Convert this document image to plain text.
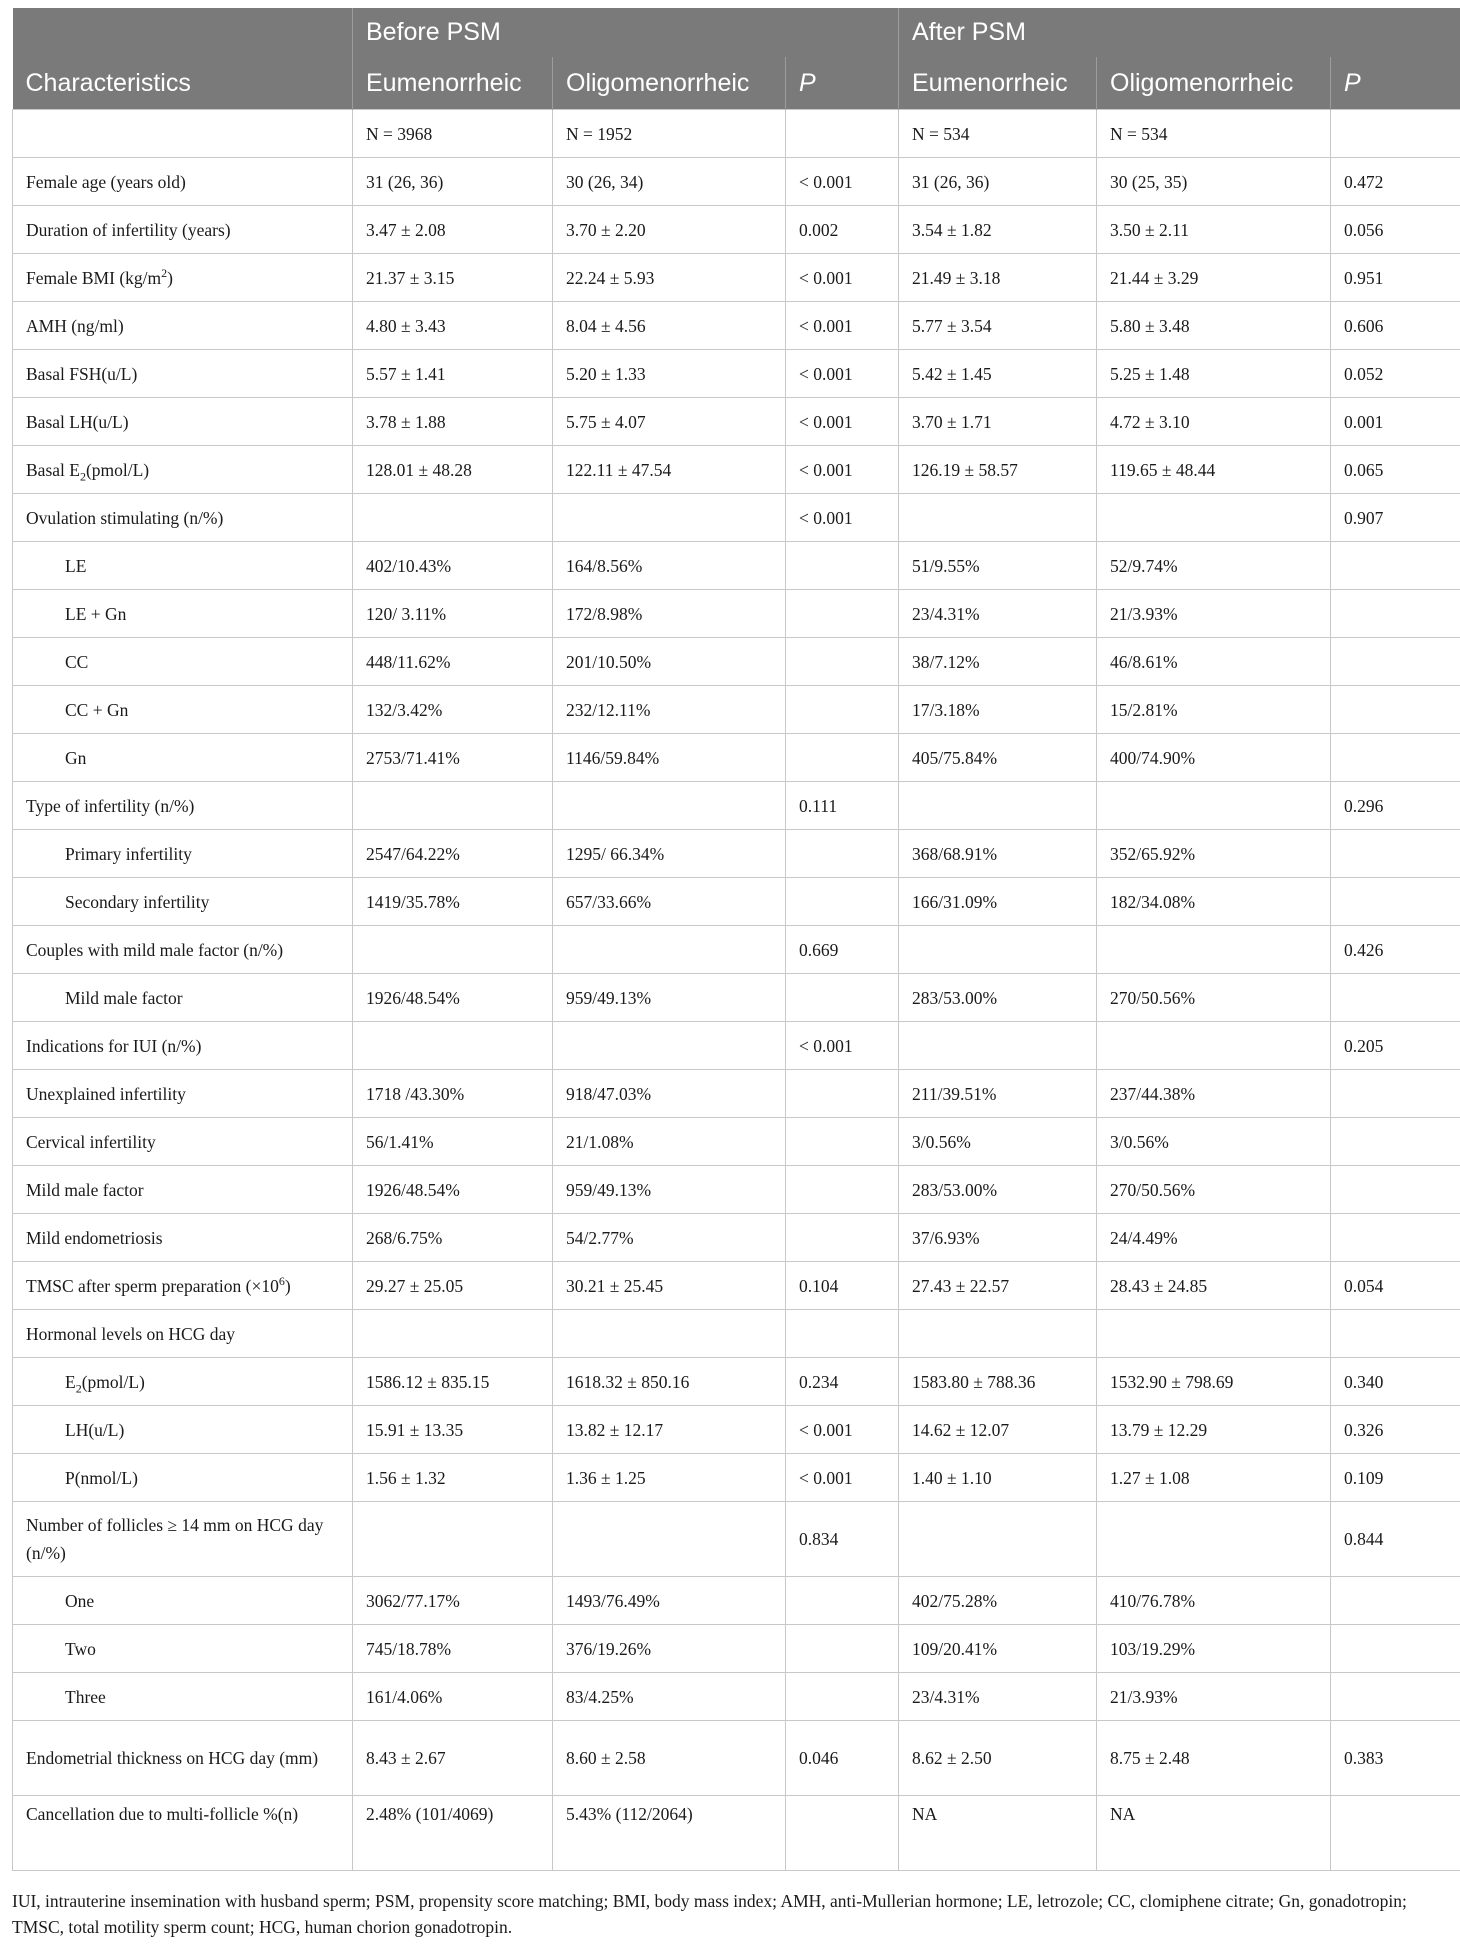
	Before PSM			After PSM		
Characteristics	Eumenorrheic	Oligomenorrheic	P	Eumenorrheic	Oligomenorrheic	P
	N = 3968	N = 1952		N = 534	N = 534	
Female age (years old)	31 (26, 36)	30 (26, 34)	< 0.001	31 (26, 36)	30 (25, 35)	0.472
Duration of infertility (years)	3.47 ± 2.08	3.70 ± 2.20	0.002	3.54 ± 1.82	3.50 ± 2.11	0.056
Female BMI $(kg/m^2)$	21.37 ± 3.15	22.24 ± 5.93	< 0.001	21.49 ± 3.18	21.44 ± 3.29	0.951
AMH (ng/ml)	4.80 ± 3.43	8.04 ± 4.56	< 0.001	5.77 ± 3.54	5.80 ± 3.48	0.606
Basal FSH(u/L)	5.57 ± 1.41	5.20 ± 1.33	< 0.001	5.42 ± 1.45	5.25 ± 1.48	0.052
Basal LH(u/L)	3.78 ± 1.88	5.75 ± 4.07	< 0.001	3.70 ± 1.71	4.72 ± 3.10	0.001
Basal $E_2(pmol/L)$	128.01 ± 48.28	122.11 ± 47.54	< 0.001	126.19 ± 58.57	119.65 ± 48.44	0.065
Ovulation stimulating (n/%)			< 0.001			0.907
LE	402/10.43%	164/8.56%		51/9.55%	52/9.74%	
LE + Gn	120/ 3.11%	172/8.98%		23/4.31%	21/3.93%	
CC	448/11.62%	201/10.50%		38/7.12%	46/8.61%	
CC + Gn	132/3.42%	232/12.11%		17/3.18%	15/2.81%	
Gn	2753/71.41%	1146/59.84%		405/75.84%	400/74.90%	
Type of infertility (n/%)			0.111			0.296
Primary infertility	2547/64.22%	1295/ 66.34%		368/68.91%	352/65.92%	
Secondary infertility	1419/35.78%	657/33.66%		166/31.09%	182/34.08%	
Couples with mild male factor (n/%)			0.669			0.426
Mild male factor	1926/48.54%	959/49.13%		283/53.00%	270/50.56%	
Indications for IUI (n/%)			< 0.001			0.205
Unexplained infertility	1718 /43.30%	918/47.03%		211/39.51%	237/44.38%	
Cervical infertility	56/1.41%	21/1.08%		3/0.56%	3/0.56%	
Mild male factor	1926/48.54%	959/49.13%		283/53.00%	270/50.56%	
Mild endometriosis	268/6.75%	54/2.77%		37/6.93%	24/4.49%	
TMSC after sperm preparation $(\times 10^6)$	29.27 ± 25.05	30.21 ± 25.45	0.104	27.43 ± 22.57	28.43 ± 24.85	0.054
Hormonal levels on HCG day						
$E_2(pmol/L)$	1586.12 ± 835.15	1618.32 ± 850.16	0.234	1583.80 ± 788.36	1532.90 ± 798.69	0.340
LH(u/L)	15.91 ± 13.35	13.82 ± 12.17	< 0.001	14.62 ± 12.07	13.79 ± 12.29	0.326
P(nmol/L)	1.56 ± 1.32	1.36 ± 1.25	< 0.001	1.40 ± 1.10	1.27 ± 1.08	0.109
Number of follicles ≥ 14 mm on HCG day (n/%)			0.834			0.844
One	3062/77.17%	1493/76.49%		402/75.28%	410/76.78%	
Two	745/18.78%	376/19.26%		109/20.41%	103/19.29%	
Three	161/4.06%	83/4.25%		23/4.31%	21/3.93%	
Endometrial thickness on HCG day (mm)	8.43 ± 2.67	8.60 ± 2.58	0.046	8.62 ± 2.50	8.75 ± 2.48	0.383
Cancellation due to multi-follicle %(n)	2.48% (101/4069)	5.43% (112/2064)		NA	NA	
IUI, intrauterine insemination with husband sperm; PSM, propensity score matching; BMI, body mass index; AMH, anti-Mullerian hormone; LE, letrozole; CC, clomiphene citrate; Gn, gonadotropin; TMSC, total motility sperm count; HCG, human chorion gonadotropin.
